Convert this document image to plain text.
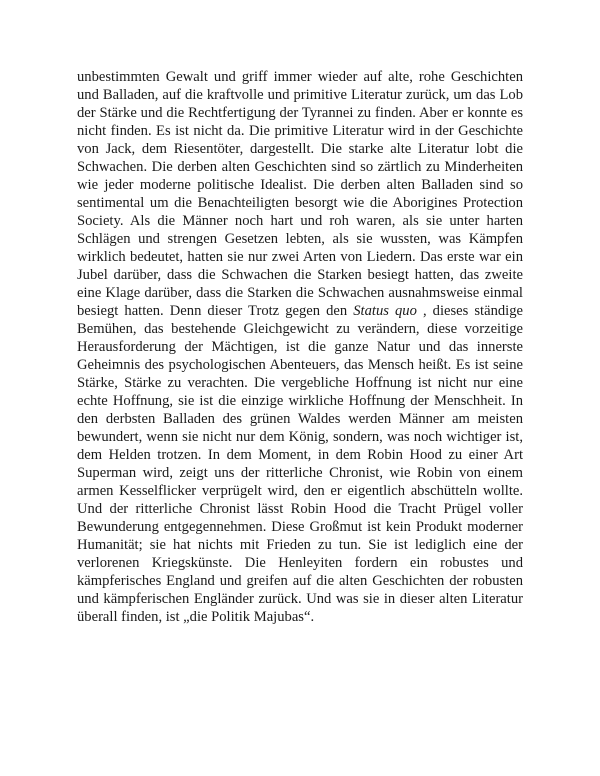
unbestimmten Gewalt und griff immer wieder auf alte, rohe Geschichten
und Balladen, auf die kraftvolle und primitive Literatur zurück, um das Lob
der Stärke und die Rechtfertigung der Tyrannei zu finden. Aber er konnte es
nicht finden. Es ist nicht da. Die primitive Literatur wird in der Geschichte
von Jack, dem Riesentöter, dargestellt. Die starke alte Literatur lobt die
Schwachen. Die derben alten Geschichten sind so zärtlich zu Minderheiten
wie jeder moderne politische Idealist. Die derben alten Balladen sind so
sentimental um die Benachteiligten besorgt wie die Aborigines Protection
Society. Als die Männer noch hart und roh waren, als sie unter harten
Schlägen und strengen Gesetzen lebten, als sie wussten, was Kämpfen
wirklich bedeutet, hatten sie nur zwei Arten von Liedern. Das erste war ein
Jubel darüber, dass die Schwachen die Starken besiegt hatten, das zweite
eine Klage darüber, dass die Starken die Schwachen ausnahmsweise einmal
besiegt hatten. Denn dieser Trotz gegen den Status quo , dieses ständige
Bemühen, das bestehende Gleichgewicht zu verändern, diese vorzeitige
Herausforderung der Mächtigen, ist die ganze Natur und das innerste
Geheimnis des psychologischen Abenteuers, das Mensch heißt. Es ist seine
Stärke, Stärke zu verachten. Die vergebliche Hoffnung ist nicht nur eine
echte Hoffnung, sie ist die einzige wirkliche Hoffnung der Menschheit. In
den derbsten Balladen des grünen Waldes werden Männer am meisten
bewundert, wenn sie nicht nur dem König, sondern, was noch wichtiger ist,
dem Helden trotzen. In dem Moment, in dem Robin Hood zu einer Art
Superman wird, zeigt uns der ritterliche Chronist, wie Robin von einem
armen Kesselflicker verprügelt wird, den er eigentlich abschütteln wollte.
Und der ritterliche Chronist lässt Robin Hood die Tracht Prügel voller
Bewunderung entgegennehmen. Diese Großmut ist kein Produkt moderner
Humanität; sie hat nichts mit Frieden zu tun. Sie ist lediglich eine der
verlorenen Kriegskünste. Die Henleyiten fordern ein robustes und
kämpferisches England und greifen auf die alten Geschichten der robusten
und kämpferischen Engländer zurück. Und was sie in dieser alten Literatur
überall finden, ist „die Politik Majubas“.
